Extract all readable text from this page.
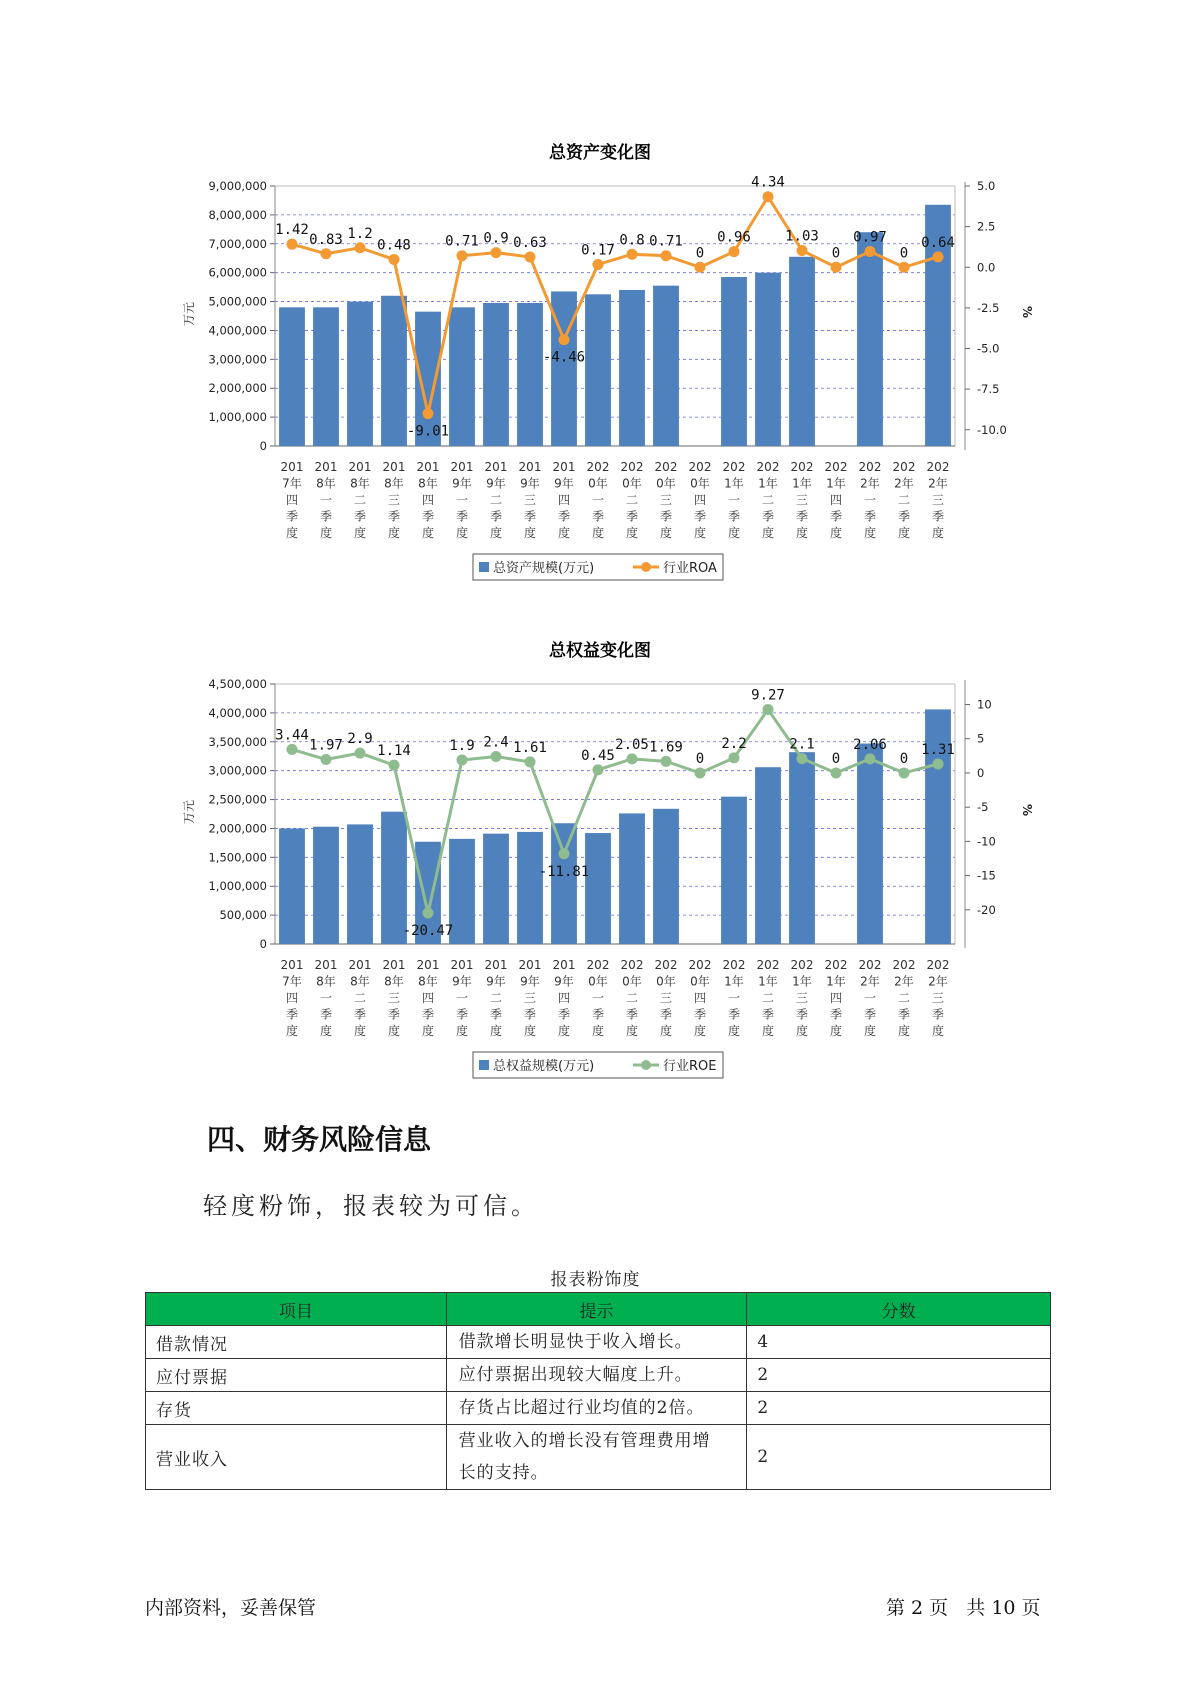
总资产变化图
0
1,000,000
2,000,000
3,000,000
4,000,000
5,000,000
6,000,000
7,000,000
8,000,000
9,000,000	5.0
2.5
0.0
-2.5
-5.0
-7.5
-10.0
万元	%
201 7年四季度
201 8年一季度
201 8年二季度
201 8年三季度
201 8年四季度
201 9年一季度
201 9年二季度
201 9年三季度
201 9年四季度
202 0年一季度
202 0年二季度
202 0年三季度
202 0年四季度
202 1年一季度
202 1年二季度
202 1年三季度
202 1年四季度
202 2年一季度
202 2年二季度
202 2年三季度
1.42
0.83 1.2
0.48
-9.01
0.71 0.9 0.63
-4.46
0.17
0.8 0.71
0
0.96
4.34
1.03
0
0.97
0
0.64
总资产规模(万元)	行业ROA
总权益变化图
0
500,000
1,000,000
1,500,000
2,000,000
2,500,000
3,000,000
3,500,000
4,000,000
4,500,000
10
5
0
-5
-10
-15
-20
万元	%
201 7年四季度
201 8年一季度
201 8年二季度
201 8年三季度
201 8年四季度
201 9年一季度
201 9年二季度
201 9年三季度
201 9年四季度
202 0年一季度
202 0年二季度
202 0年三季度
202 0年四季度
202 1年一季度
202 1年二季度
202 1年三季度
202 1年四季度
202 2年一季度
202 2年二季度
202 2年三季度
3.44
1.97 2.9
1.14
-20.47
1.9 2.4 1.61
-11.81
0.45
2.05 1.69
0
2.2
9.27
2.1
0
2.06
0
1.31
总权益规模(万元)	行业ROE
四、财务风险信息

轻度粉饰，报表较为可信。

报表粉饰度
项目	提示	分数
借款情况	借款增长明显快于收入增长。	4
应付票据	应付票据出现较大幅度上升。	2
存货	存货占比超过行业均值的2倍。	2
营业收入	营业收入的增长没有管理费用增
长的支持。	2
内部资料，妥善保管	第 2 页   共 10 页
